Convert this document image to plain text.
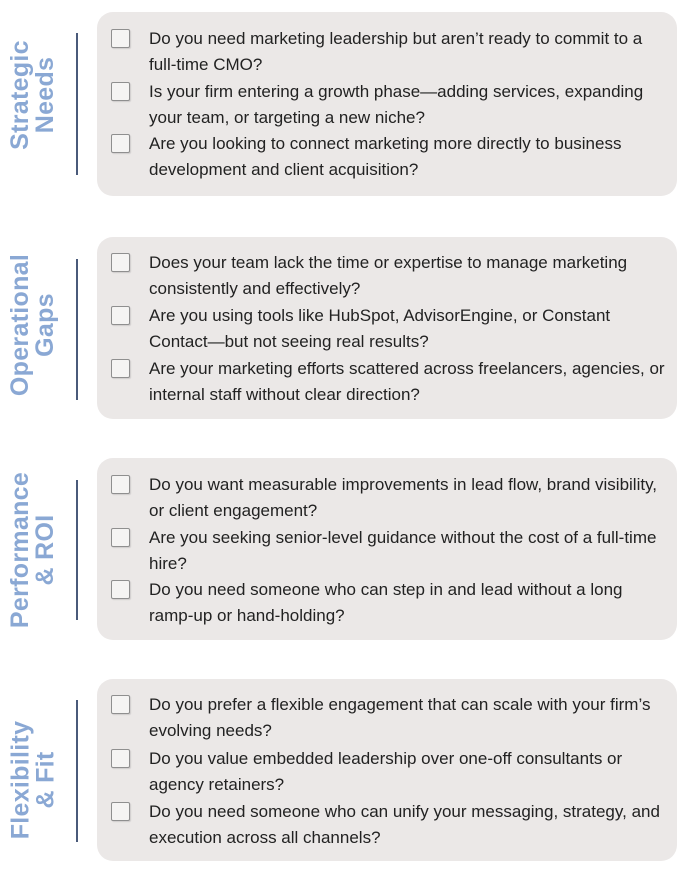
Strategic
Needs
Do you need marketing leadership but aren’t ready to commit to a full-time CMO?
Is your firm entering a growth phase—adding services, expanding your team, or targeting a new niche?
Are you looking to connect marketing more directly to business development and client acquisition?
Operational
Gaps
Does your team lack the time or expertise to manage marketing consistently and effectively?
Are you using tools like HubSpot, AdvisorEngine, or Constant Contact—but not seeing real results?
Are your marketing efforts scattered across freelancers, agencies, or internal staff without clear direction?
Performance
& ROI
Do you want measurable improvements in lead flow, brand visibility, or client engagement?
Are you seeking senior-level guidance without the cost of a full-time hire?
Do you need someone who can step in and lead without a long ramp-up or hand-holding?
Flexibility
& Fit
Do you prefer a flexible engagement that can scale with your firm’s evolving needs?
Do you value embedded leadership over one-off consultants or agency retainers?
Do you need someone who can unify your messaging, strategy, and execution across all channels?
